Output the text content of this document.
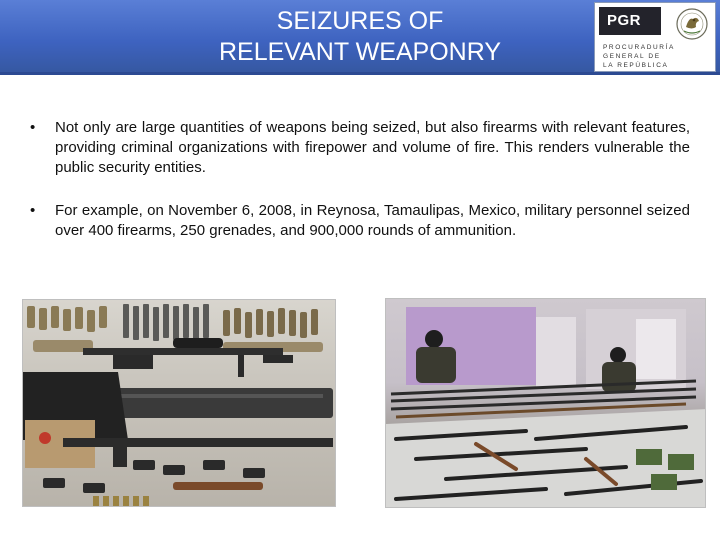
SEIZURES OF
RELEVANT WEAPONRY
PGR
PROCURADURÍA
GENERAL DE
LA REPÚBLICA
• Not only are large quantities of weapons being seized, but also firearms with relevant features, providing criminal organizations with firepower and volume of fire. This renders vulnerable the public security entities.
• For example, on November 6, 2008, in Reynosa, Tamaulipas, Mexico, military personnel seized over 400 firearms, 250 grenades, and 900,000 rounds of ammunition.
